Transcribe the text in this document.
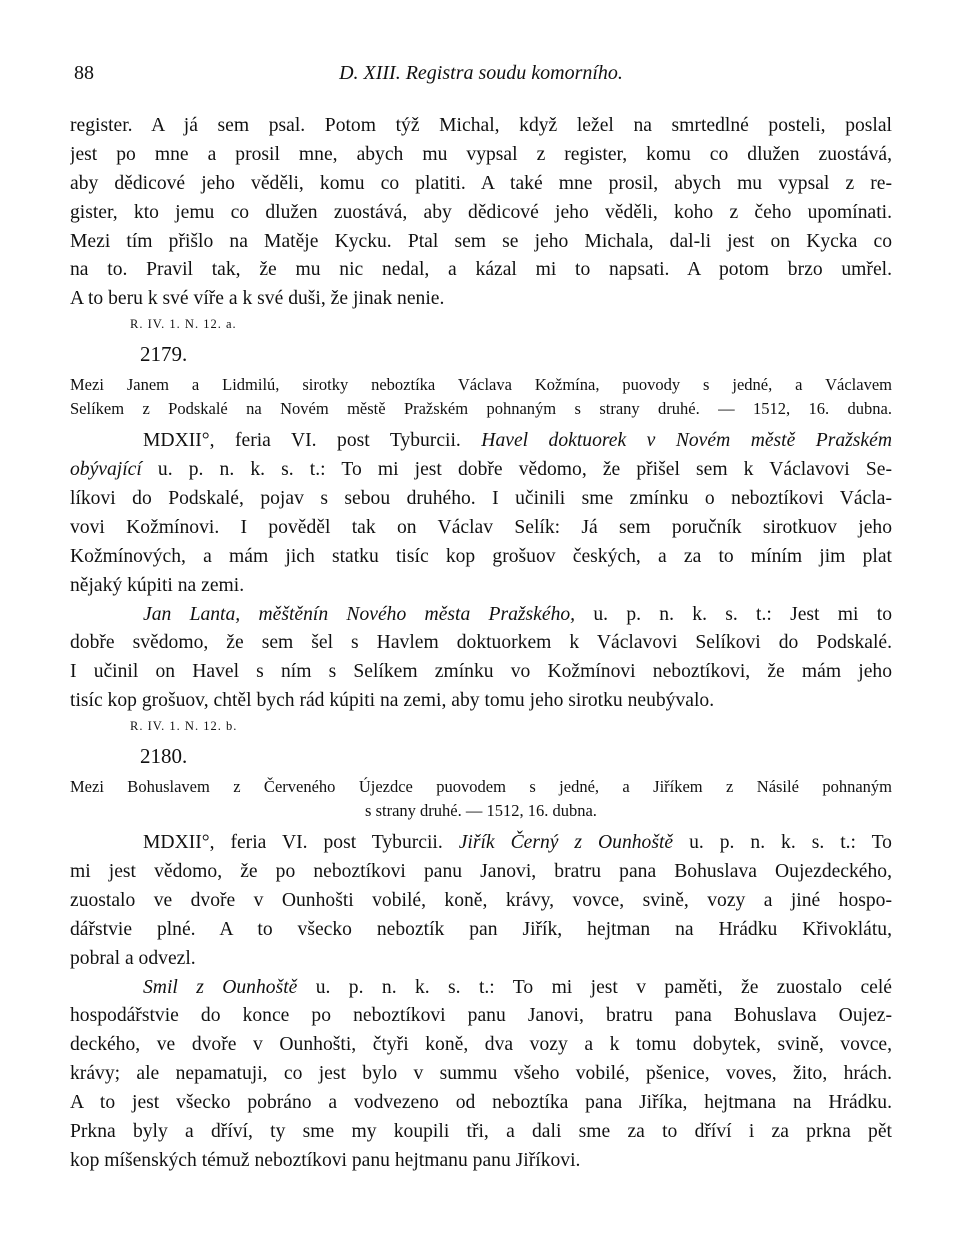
88	D. XIII. Registra soudu komorního.
register. A já sem psal. Potom týž Michal, když ležel na smrtedlné posteli, poslal
jest po mne a prosil mne, abych mu vypsal z register, komu co dlužen zuostává,
aby dědicové jeho věděli, komu co platiti. A také mne prosil, abych mu vypsal z re-
gister, kto jemu co dlužen zuostává, aby dědicové jeho věděli, koho z čeho upomínati.
Mezi tím přišlo na Matěje Kycku. Ptal sem se jeho Michala, dal-li jest on Kycka co
na to. Pravil tak, že mu nic nedal, a kázal mi to napsati. A potom brzo umřel.
A to beru k své víře a k své duši, že jinak nenie.
R. IV. 1. N. 12. a.
2179.
Mezi Janem a Lidmilú, sirotky neboztíka Václava Kožmína, puovody s jedné, a Václavem
Selíkem z Podskalé na Novém městě Pražském pohnaným s strany druhé. — 1512, 16. dubna.
MDXII°, feria VI. post Tyburcii. Havel doktuorek v Novém městě Pražském
obývající u. p. n. k. s. t.: To mi jest dobře vědomo, že přišel sem k Václavovi Se-
líkovi do Podskalé, pojav s sebou druhého. I učinili sme zmínku o neboztíkovi Václa-
vovi Kožmínovi. I pověděl tak on Václav Selík: Já sem poručník sirotkuov jeho
Kožmínových, a mám jich statku tisíc kop grošuov českých, a za to míním jim plat
nějaký kúpiti na zemi.
Jan Lanta, měštěnín Nového města Pražského, u. p. n. k. s. t.: Jest mi to
dobře svědomo, že sem šel s Havlem doktuorkem k Václavovi Selíkovi do Podskalé.
I učinil on Havel s ním s Selíkem zmínku vo Kožmínovi neboztíkovi, že mám jeho
tisíc kop grošuov, chtěl bych rád kúpiti na zemi, aby tomu jeho sirotku neubývalo.
R. IV. 1. N. 12. b.
2180.
Mezi Bohuslavem z Červeného Újezdce puovodem s jedné, a Jiříkem z Násilé pohnaným
s strany druhé. — 1512, 16. dubna.
MDXII°, feria VI. post Tyburcii. Jiřík Černý z Ounhoště u. p. n. k. s. t.: To
mi jest vědomo, že po neboztíkovi panu Janovi, bratru pana Bohuslava Oujezdeckého,
zuostalo ve dvoře v Ounhošti vobilé, koně, krávy, vovce, svině, vozy a jiné hospo-
dářstvie plné. A to všecko neboztík pan Jiřík, hejtman na Hrádku Křivoklátu,
pobral a odvezl.
Smil z Ounhoště u. p. n. k. s. t.: To mi jest v paměti, že zuostalo celé
hospodářstvie do konce po neboztíkovi panu Janovi, bratru pana Bohuslava Oujez-
deckého, ve dvoře v Ounhošti, čtyři koně, dva vozy a k tomu dobytek, svině, vovce,
krávy; ale nepamatuji, co jest bylo v summu všeho vobilé, pšenice, voves, žito, hrách.
A to jest všecko pobráno a vodvezeno od neboztíka pana Jiříka, hejtmana na Hrádku.
Prkna byly a dříví, ty sme my koupili tři, a dali sme za to dříví i za prkna pět
kop míšenských témuž neboztíkovi panu hejtmanu panu Jiříkovi.
